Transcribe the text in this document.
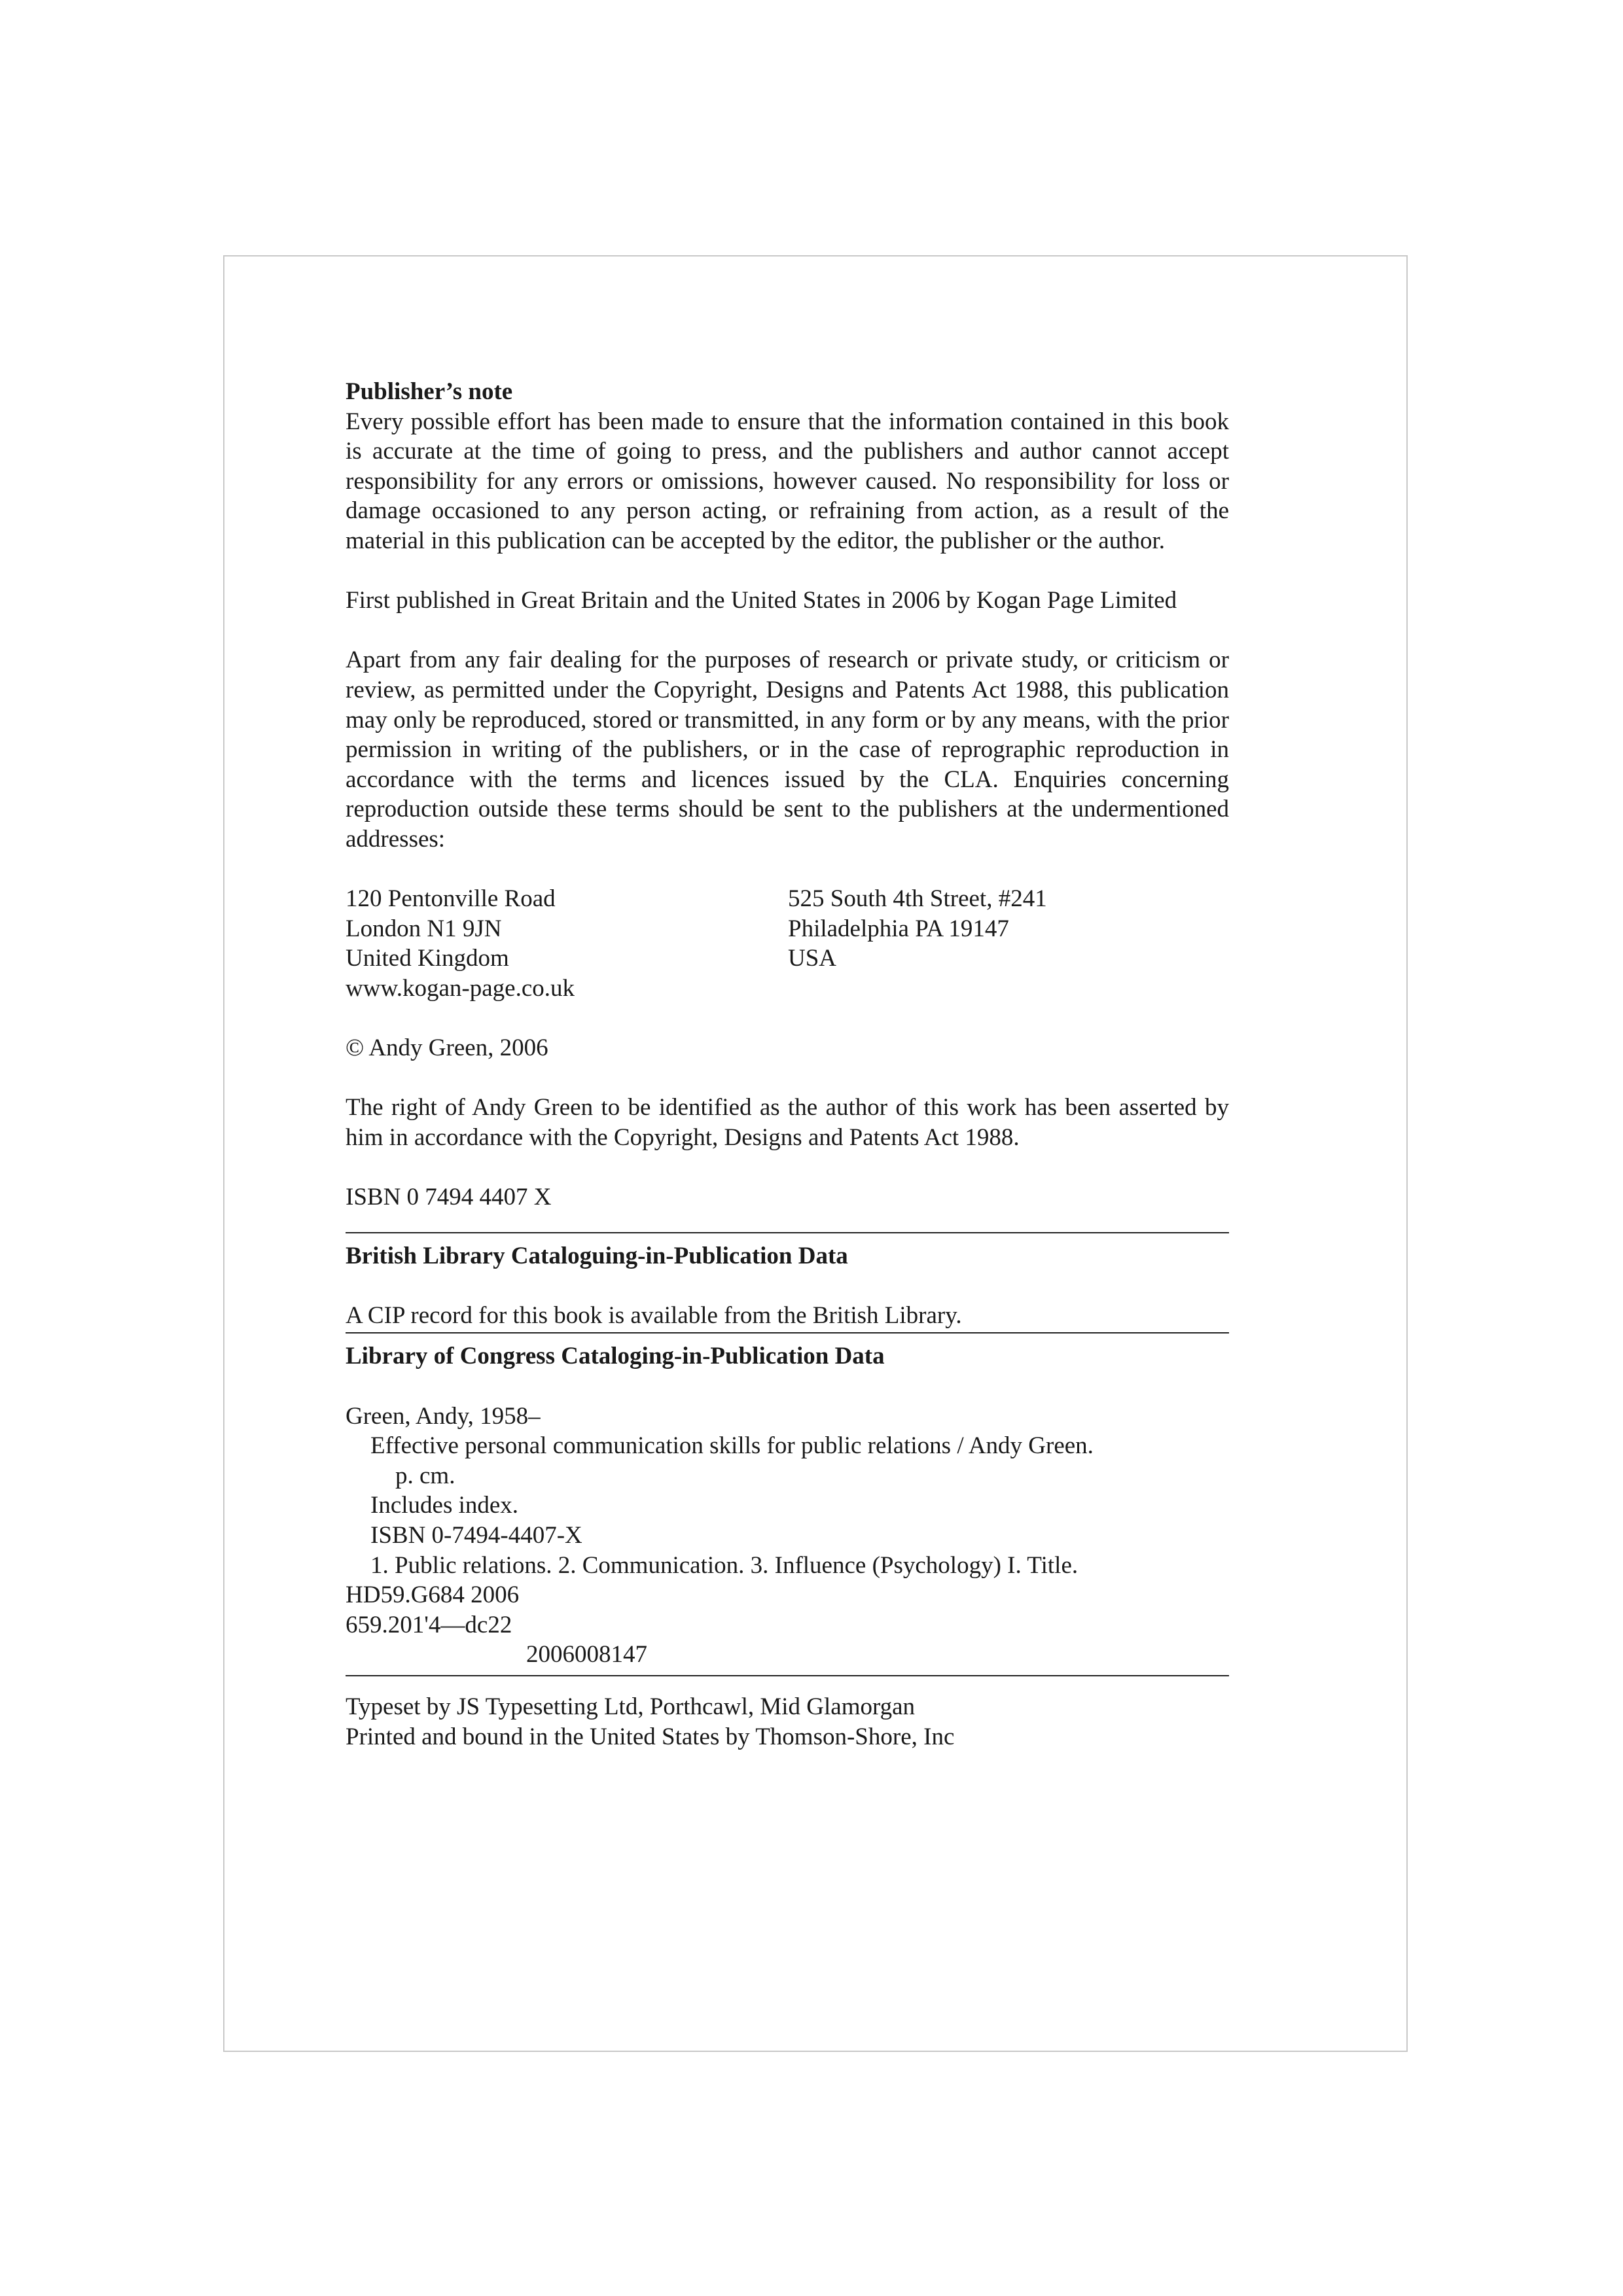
Publisher’s note
Every possible effort has been made to ensure that the information contained in this book is accurate at the time of going to press, and the publishers and author cannot accept responsibility for any errors or omissions, however caused. No responsibility for loss or damage occasioned to any person acting, or refraining from action, as a result of the material in this publication can be accepted by the editor, the publisher or the author.

First published in Great Britain and the United States in 2006 by Kogan Page Limited

Apart from any fair dealing for the purposes of research or private study, or criticism or review, as permitted under the Copyright, Designs and Patents Act 1988, this publication may only be reproduced, stored or transmitted, in any form or by any means, with the prior permission in writing of the publishers, or in the case of reprographic reproduction in accordance with the terms and licences issued by the CLA. Enquiries concerning reproduction outside these terms should be sent to the publishers at the undermentioned addresses:

120 Pentonville Road
London N1 9JN
United Kingdom
www.kogan-page.co.uk
525 South 4th Street, #241
Philadelphia PA 19147
USA

© Andy Green, 2006

The right of Andy Green to be identified as the author of this work has been asserted by him in accordance with the Copyright, Designs and Patents Act 1988.

ISBN 0 7494 4407 X

British Library Cataloguing-in-Publication Data

A CIP record for this book is available from the British Library.

Library of Congress Cataloging-in-Publication Data

Green, Andy, 1958–
Effective personal communication skills for public relations / Andy Green.
p. cm.
Includes index.
ISBN 0-7494-4407-X
1. Public relations. 2. Communication. 3. Influence (Psychology) I. Title.
HD59.G684 2006
659.201'4—dc22
2006008147

Typeset by JS Typesetting Ltd, Porthcawl, Mid Glamorgan

Printed and bound in the United States by Thomson-Shore, Inc
